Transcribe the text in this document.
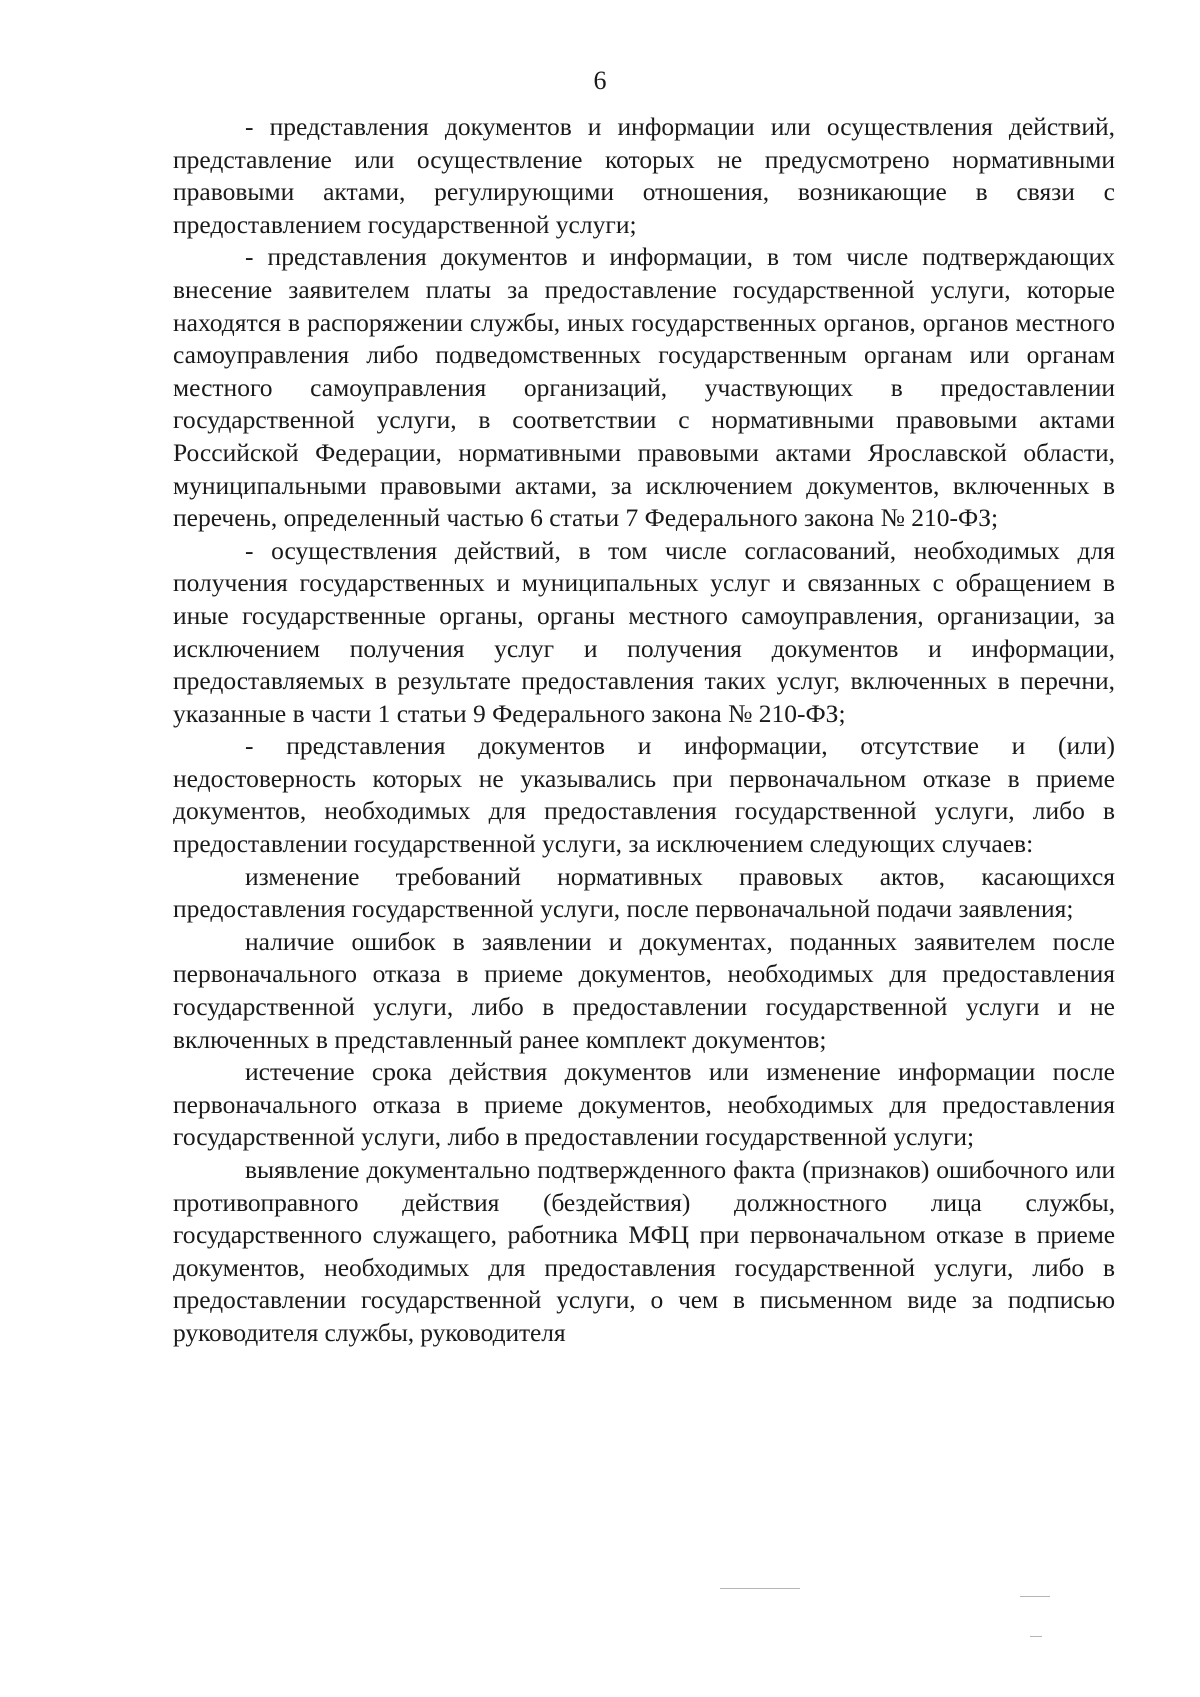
6

- представления документов и информации или осуществления действий, представление или осуществление которых не предусмотрено нормативными правовыми актами, регулирующими отношения, возникающие в связи с предоставлением государственной услуги;

- представления документов и информации, в том числе подтверждающих внесение заявителем платы за предоставление государственной услуги, которые находятся в распоряжении службы, иных государственных органов, органов местного самоуправления либо подведомственных государственным органам или органам местного самоуправления организаций, участвующих в предоставлении государственной услуги, в соответствии с нормативными правовыми актами Российской Федерации, нормативными правовыми актами Ярославской области, муниципальными правовыми актами, за исключением документов, включенных в перечень, определенный частью 6 статьи 7 Федерального закона № 210-ФЗ;

- осуществления действий, в том числе согласований, необходимых для получения государственных и муниципальных услуг и связанных с обращением в иные государственные органы, органы местного самоуправления, организации, за исключением получения услуг и получения документов и информации, предоставляемых в результате предоставления таких услуг, включенных в перечни, указанные в части 1 статьи 9 Федерального закона № 210-ФЗ;

- представления документов и информации, отсутствие и (или) недостоверность которых не указывались при первоначальном отказе в приеме документов, необходимых для предоставления государственной услуги, либо в предоставлении государственной услуги, за исключением следующих случаев:

изменение требований нормативных правовых актов, касающихся предоставления государственной услуги, после первоначальной подачи заявления;

наличие ошибок в заявлении и документах, поданных заявителем после первоначального отказа в приеме документов, необходимых для предоставления государственной услуги, либо в предоставлении государственной услуги и не включенных в представленный ранее комплект документов;

истечение срока действия документов или изменение информации после первоначального отказа в приеме документов, необходимых для предоставления государственной услуги, либо в предоставлении государственной услуги;

выявление документально подтвержденного факта (признаков) ошибочного или противоправного действия (бездействия) должностного лица службы, государственного служащего, работника МФЦ при первоначальном отказе в приеме документов, необходимых для предоставления государственной услуги, либо в предоставлении государственной услуги, о чем в письменном виде за подписью руководителя службы, руководителя
